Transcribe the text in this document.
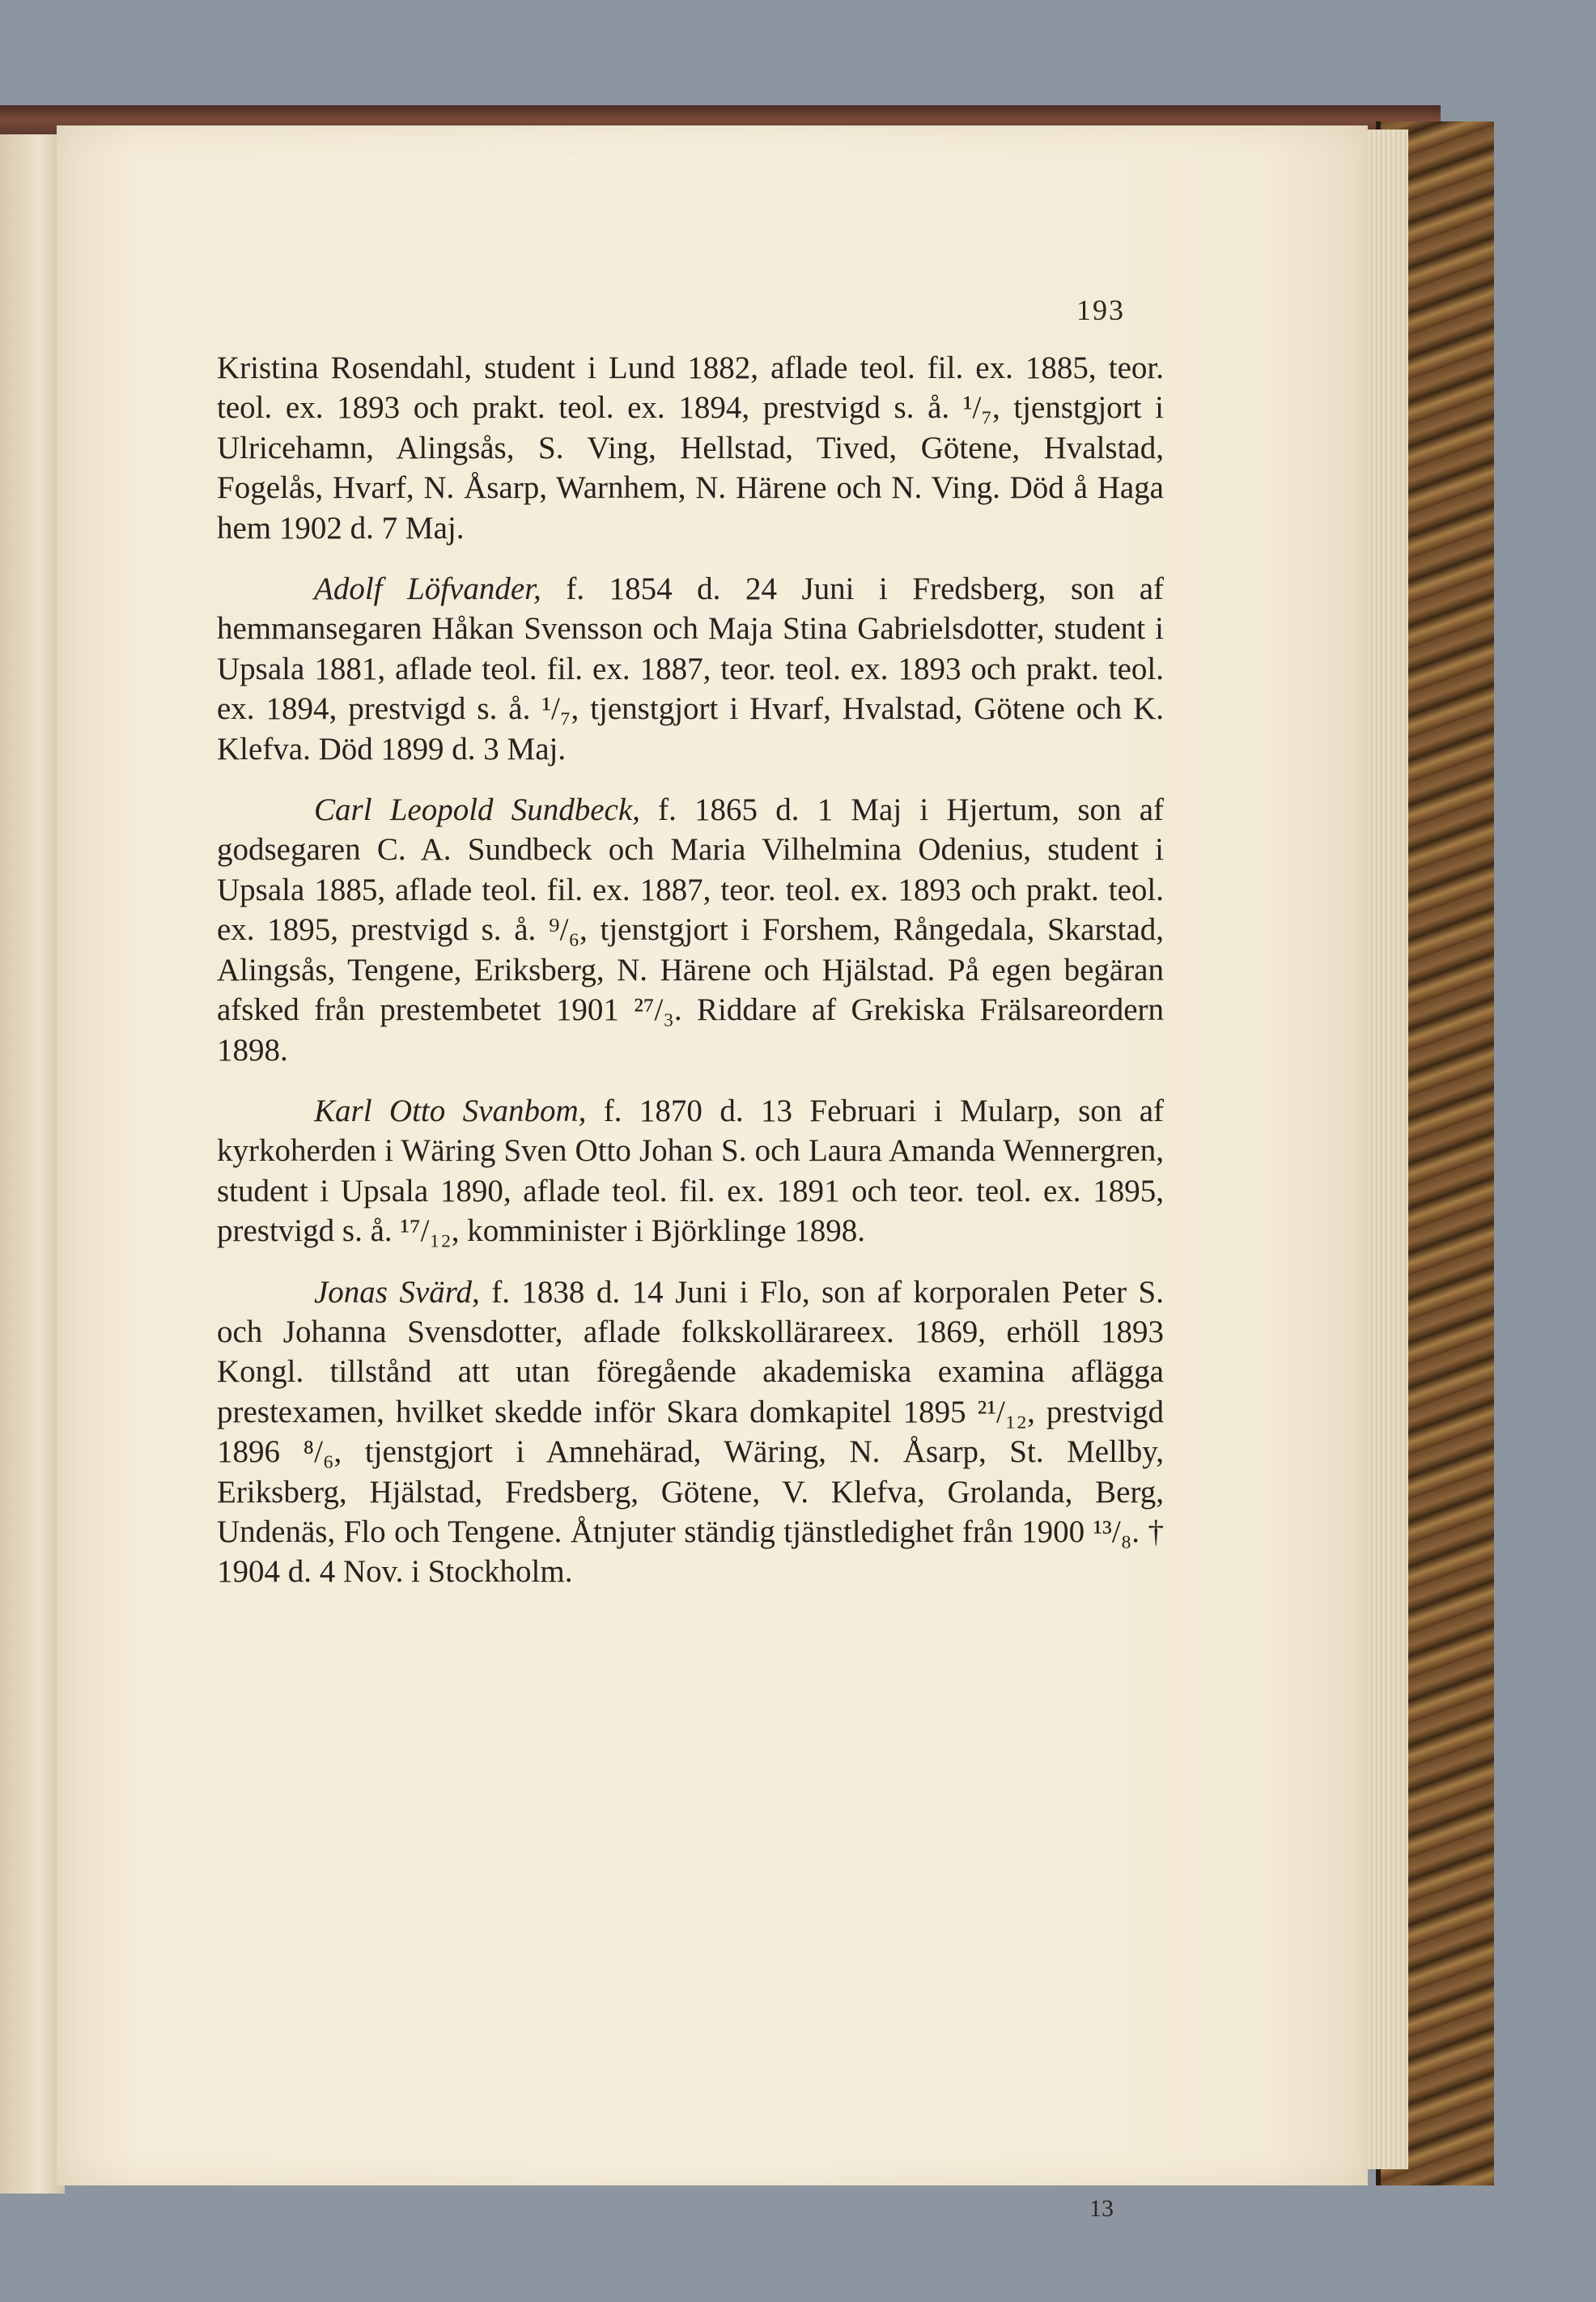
193

Kristina Rosendahl, student i Lund 1882, aflade teol. fil. ex. 1885, teor. teol. ex. 1893 och prakt. teol. ex. 1894, prestvigd s. å. ¹/₇, tjenstgjort i Ulricehamn, Alingsås, S. Ving, Hellstad, Tived, Götene, Hvalstad, Fogelås, Hvarf, N. Åsarp, Warnhem, N. Härene och N. Ving. Död å Haga hem 1902 d. 7 Maj.

Adolf Löfvander, f. 1854 d. 24 Juni i Fredsberg, son af hemmansegaren Håkan Svensson och Maja Stina Gabrielsdotter, student i Upsala 1881, aflade teol. fil. ex. 1887, teor. teol. ex. 1893 och prakt. teol. ex. 1894, prestvigd s. å. ¹/₇, tjenstgjort i Hvarf, Hvalstad, Götene och K. Klefva. Död 1899 d. 3 Maj.

Carl Leopold Sundbeck, f. 1865 d. 1 Maj i Hjertum, son af godsegaren C. A. Sundbeck och Maria Vilhelmina Odenius, student i Upsala 1885, aflade teol. fil. ex. 1887, teor. teol. ex. 1893 och prakt. teol. ex. 1895, prestvigd s. å. ⁹/₆, tjenstgjort i Forshem, Rångedala, Skarstad, Alingsås, Tengene, Eriksberg, N. Härene och Hjälstad. På egen begäran afsked från prestembetet 1901 ²⁷/₃. Riddare af Grekiska Frälsareordern 1898.

Karl Otto Svanbom, f. 1870 d. 13 Februari i Mularp, son af kyrkoherden i Wäring Sven Otto Johan S. och Laura Amanda Wennergren, student i Upsala 1890, aflade teol. fil. ex. 1891 och teor. teol. ex. 1895, prestvigd s. å. ¹⁷/₁₂, komminister i Björklinge 1898.

Jonas Svärd, f. 1838 d. 14 Juni i Flo, son af korporalen Peter S. och Johanna Svensdotter, aflade folkskollärareex. 1869, erhöll 1893 Kongl. tillstånd att utan föregående akademiska examina aflägga prestexamen, hvilket skedde inför Skara domkapitel 1895 ²¹/₁₂, prestvigd 1896 ⁸/₆, tjenstgjort i Amnehärad, Wäring, N. Åsarp, St. Mellby, Eriksberg, Hjälstad, Fredsberg, Götene, V. Klefva, Grolanda, Berg, Undenäs, Flo och Tengene. Åtnjuter ständig tjänstledighet från 1900 ¹³/₈. † 1904 d. 4 Nov. i Stockholm.

13
